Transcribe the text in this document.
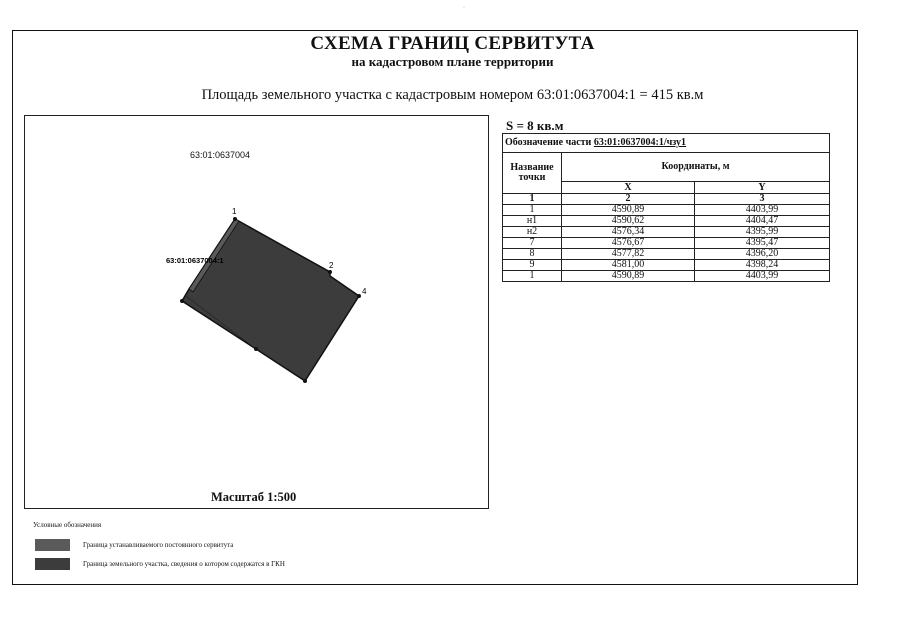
·
СХЕМА ГРАНИЦ СЕРВИТУТА
на кадастровом плане территории
Площадь земельного участка с кадастровым номером 63:01:0637004:1 = 415 кв.м
1
2
4
63:01:0637004:1
63:01:0637004
Масштаб 1:500
S = 8 кв.м
Обозначение части 63:01:0637004:1/чзу1		
Название точки	Координаты, м	
	X	Y
1	2	3
1	4590,89	4403,99
н1	4590,62	4404,47
н2	4576,34	4395,99
7	4576,67	4395,47
8	4577,82	4396,20
9	4581,00	4398,24
1	4590,89	4403,99
Условные обозначения
Граница устанавливаемого постоянного сервитута
Граница земельного участка, сведения о котором содержатся в ГКН
